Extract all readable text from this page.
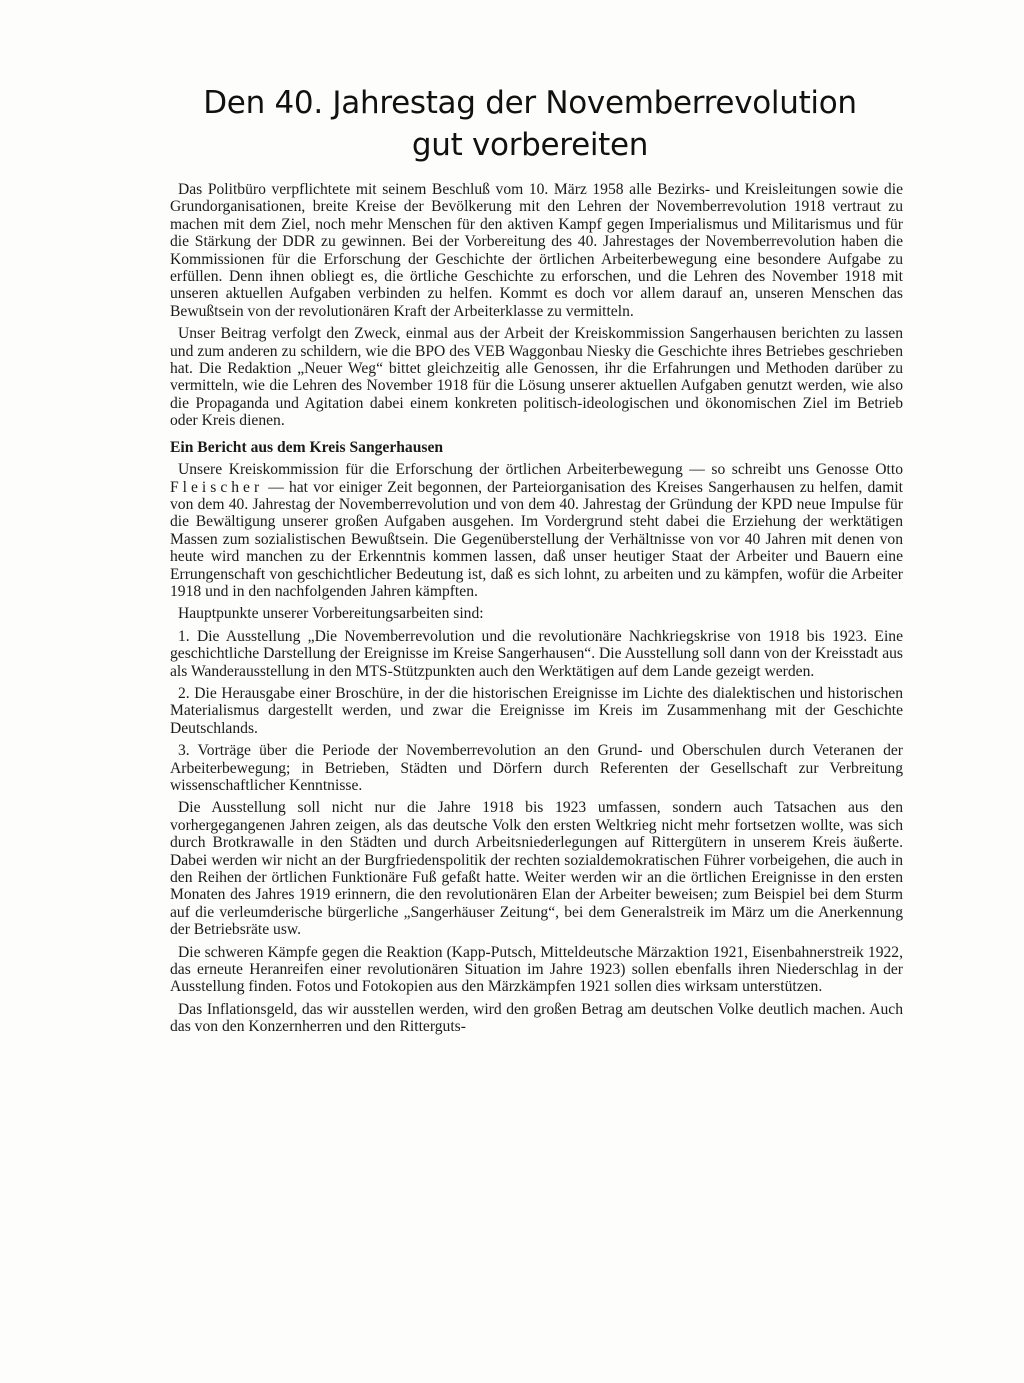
Den 40. Jahrestag der Novemberrevolution
gut vorbereiten

Das Politbüro verpflichtete mit seinem Beschluß vom 10. März 1958 alle Bezirks- und Kreisleitungen sowie die Grundorganisationen, breite Kreise der Bevölkerung mit den Lehren der Novemberrevolution 1918 vertraut zu machen mit dem Ziel, noch mehr Menschen für den aktiven Kampf gegen Imperialismus und Militarismus und für die Stärkung der DDR zu gewinnen. Bei der Vorbereitung des 40. Jahrestages der Novemberrevolution haben die Kommissionen für die Erforschung der Geschichte der örtlichen Arbeiterbewegung eine besondere Aufgabe zu erfüllen. Denn ihnen obliegt es, die örtliche Geschichte zu erforschen, und die Lehren des November 1918 mit unseren aktuellen Aufgaben verbinden zu helfen. Kommt es doch vor allem darauf an, unseren Menschen das Bewußtsein von der revolutionären Kraft der Arbeiterklasse zu vermitteln.

Unser Beitrag verfolgt den Zweck, einmal aus der Arbeit der Kreiskommission Sangerhausen berichten zu lassen und zum anderen zu schildern, wie die BPO des VEB Waggonbau Niesky die Geschichte ihres Betriebes geschrieben hat. Die Redaktion „Neuer Weg“ bittet gleichzeitig alle Genossen, ihr die Erfahrungen und Methoden darüber zu vermitteln, wie die Lehren des November 1918 für die Lösung unserer aktuellen Aufgaben genutzt werden, wie also die Propaganda und Agitation dabei einem konkreten politisch-ideologischen und ökonomischen Ziel im Betrieb oder Kreis dienen.

Ein Bericht aus dem Kreis Sangerhausen

Unsere Kreiskommission für die Erforschung der örtlichen Arbeiterbewegung — so schreibt uns Genosse Otto Fleischer — hat vor einiger Zeit begonnen, der Parteiorganisation des Kreises Sangerhausen zu helfen, damit von dem 40. Jahrestag der Novemberrevolution und von dem 40. Jahrestag der Gründung der KPD neue Impulse für die Bewältigung unserer großen Aufgaben ausgehen. Im Vordergrund steht dabei die Erziehung der werktätigen Massen zum sozialistischen Bewußtsein. Die Gegenüberstellung der Verhältnisse von vor 40 Jahren mit denen von heute wird manchen zu der Erkenntnis kommen lassen, daß unser heutiger Staat der Arbeiter und Bauern eine Errungenschaft von geschichtlicher Bedeutung ist, daß es sich lohnt, zu arbeiten und zu kämpfen, wofür die Arbeiter 1918 und in den nachfolgenden Jahren kämpften.

Hauptpunkte unserer Vorbereitungsarbeiten sind:

1. Die Ausstellung „Die Novemberrevolution und die revolutionäre Nachkriegskrise von 1918 bis 1923. Eine geschichtliche Darstellung der Ereignisse im Kreise Sangerhausen“. Die Ausstellung soll dann von der Kreisstadt aus als Wanderausstellung in den MTS-Stützpunkten auch den Werktätigen auf dem Lande gezeigt werden.

2. Die Herausgabe einer Broschüre, in der die historischen Ereignisse im Lichte des dialektischen und historischen Materialismus dargestellt werden, und zwar die Ereignisse im Kreis im Zusammenhang mit der Geschichte Deutschlands.

3. Vorträge über die Periode der Novemberrevolution an den Grund- und Oberschulen durch Veteranen der Arbeiterbewegung; in Betrieben, Städten und Dörfern durch Referenten der Gesellschaft zur Verbreitung wissenschaftlicher Kenntnisse.

Die Ausstellung soll nicht nur die Jahre 1918 bis 1923 umfassen, sondern auch Tatsachen aus den vorhergegangenen Jahren zeigen, als das deutsche Volk den ersten Weltkrieg nicht mehr fortsetzen wollte, was sich durch Brotkrawalle in den Städten und durch Arbeitsniederlegungen auf Rittergütern in unserem Kreis äußerte. Dabei werden wir nicht an der Burgfriedenspolitik der rechten sozialdemokratischen Führer vorbeigehen, die auch in den Reihen der örtlichen Funktionäre Fuß gefaßt hatte. Weiter werden wir an die örtlichen Ereignisse in den ersten Monaten des Jahres 1919 erinnern, die den revolutionären Elan der Arbeiter beweisen; zum Beispiel bei dem Sturm auf die verleumderische bürgerliche „Sangerhäuser Zeitung“, bei dem Generalstreik im März um die Anerkennung der Betriebsräte usw.

Die schweren Kämpfe gegen die Reaktion (Kapp-Putsch, Mitteldeutsche Märzaktion 1921, Eisenbahnerstreik 1922, das erneute Heranreifen einer revolutionären Situation im Jahre 1923) sollen ebenfalls ihren Niederschlag in der Ausstellung finden. Fotos und Fotokopien aus den Märzkämpfen 1921 sollen dies wirksam unterstützen.

Das Inflationsgeld, das wir ausstellen werden, wird den großen Betrag am deutschen Volke deutlich machen. Auch das von den Konzernherren und den Ritterguts-
